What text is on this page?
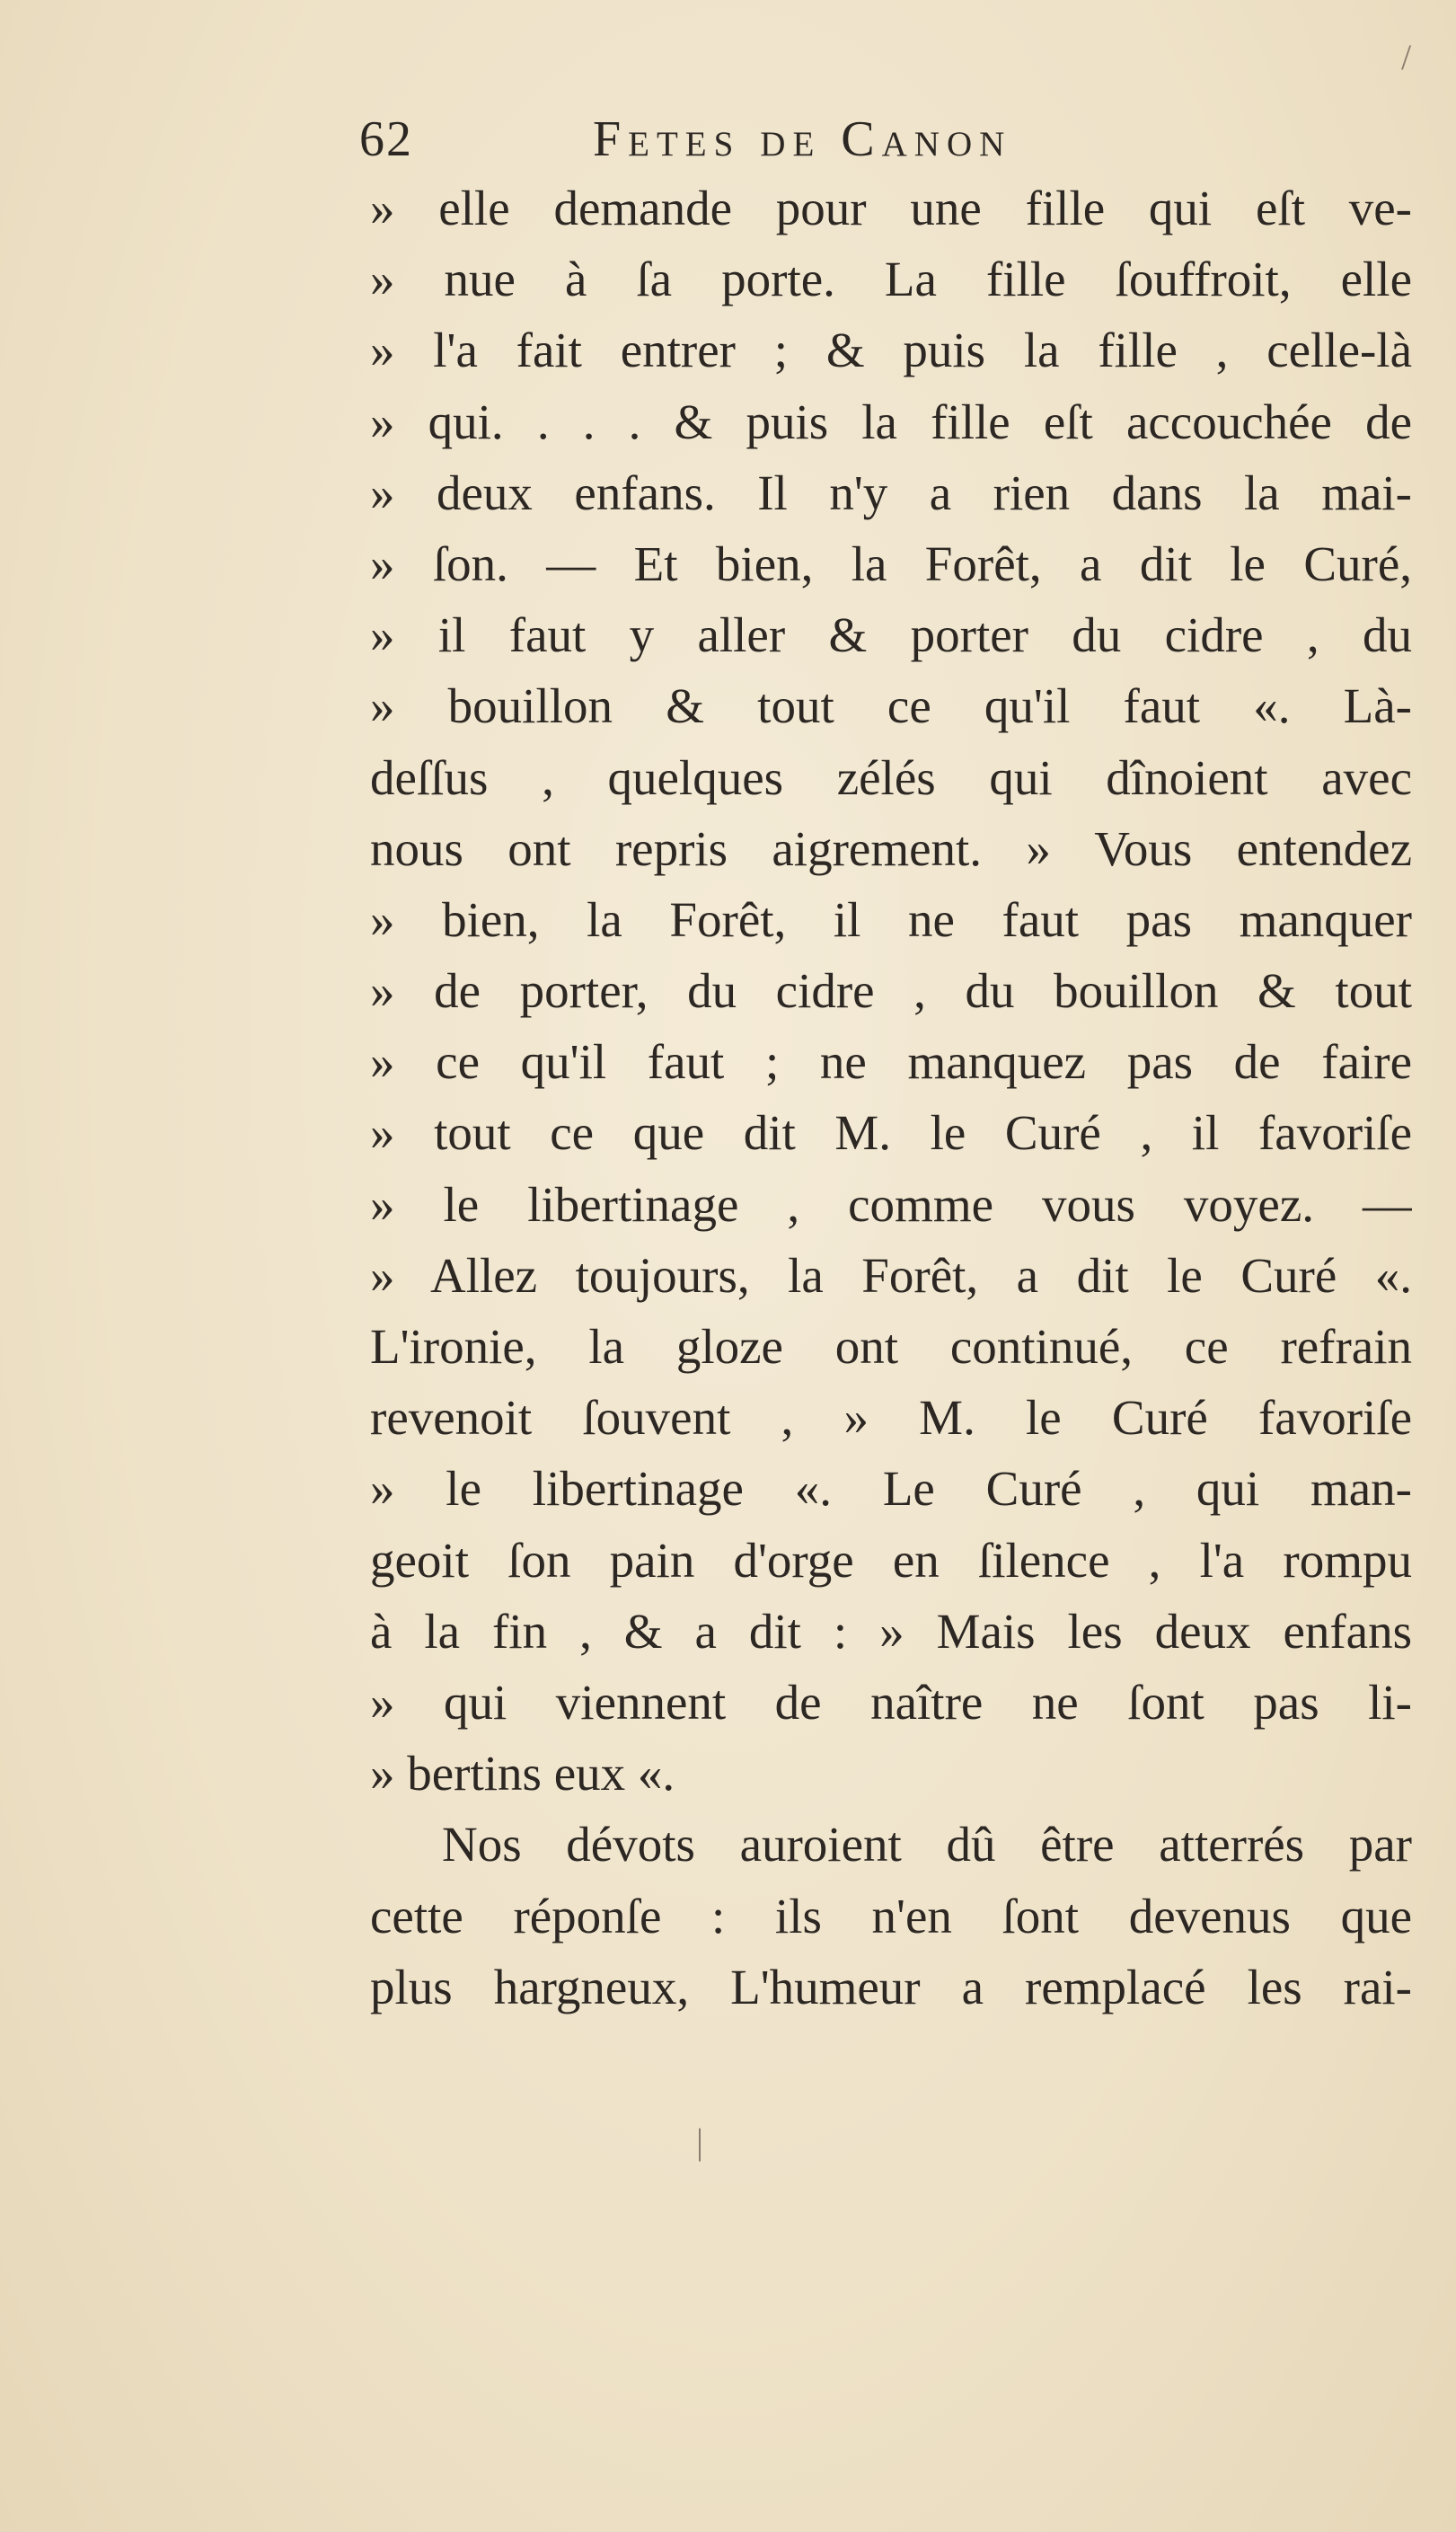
62	Fetes de Canon
» elle demande pour une fille qui eſt ve-
» nue à ſa porte. La fille ſouffroit, elle
» l'a fait entrer ; & puis la fille , celle-là
» qui. . . . & puis la fille eſt accouchée de
» deux enfans. Il n'y a rien dans la mai-
» ſon. — Et bien, la Forêt, a dit le Curé,
» il faut y aller & porter du cidre , du
» bouillon & tout ce qu'il faut «. Là-
deſſus , quelques zélés qui dînoient avec
nous ont repris aigrement. » Vous entendez
» bien, la Forêt, il ne faut pas manquer
» de porter, du cidre , du bouillon & tout
» ce qu'il faut ; ne manquez pas de faire
» tout ce que dit M. le Curé , il favoriſe
» le libertinage , comme vous voyez. —
» Allez toujours, la Forêt, a dit le Curé «.
L'ironie, la gloze ont continué, ce refrain
revenoit ſouvent , » M. le Curé favoriſe
» le libertinage «. Le Curé , qui man-
geoit ſon pain d'orge en ſilence , l'a rompu
à la fin , & a dit : » Mais les deux enfans
» qui viennent de naître ne ſont pas li-
» bertins eux «.
Nos dévots auroient dû être atterrés par
cette réponſe : ils n'en ſont devenus que
plus hargneux, L'humeur a remplacé les rai-
/
|
